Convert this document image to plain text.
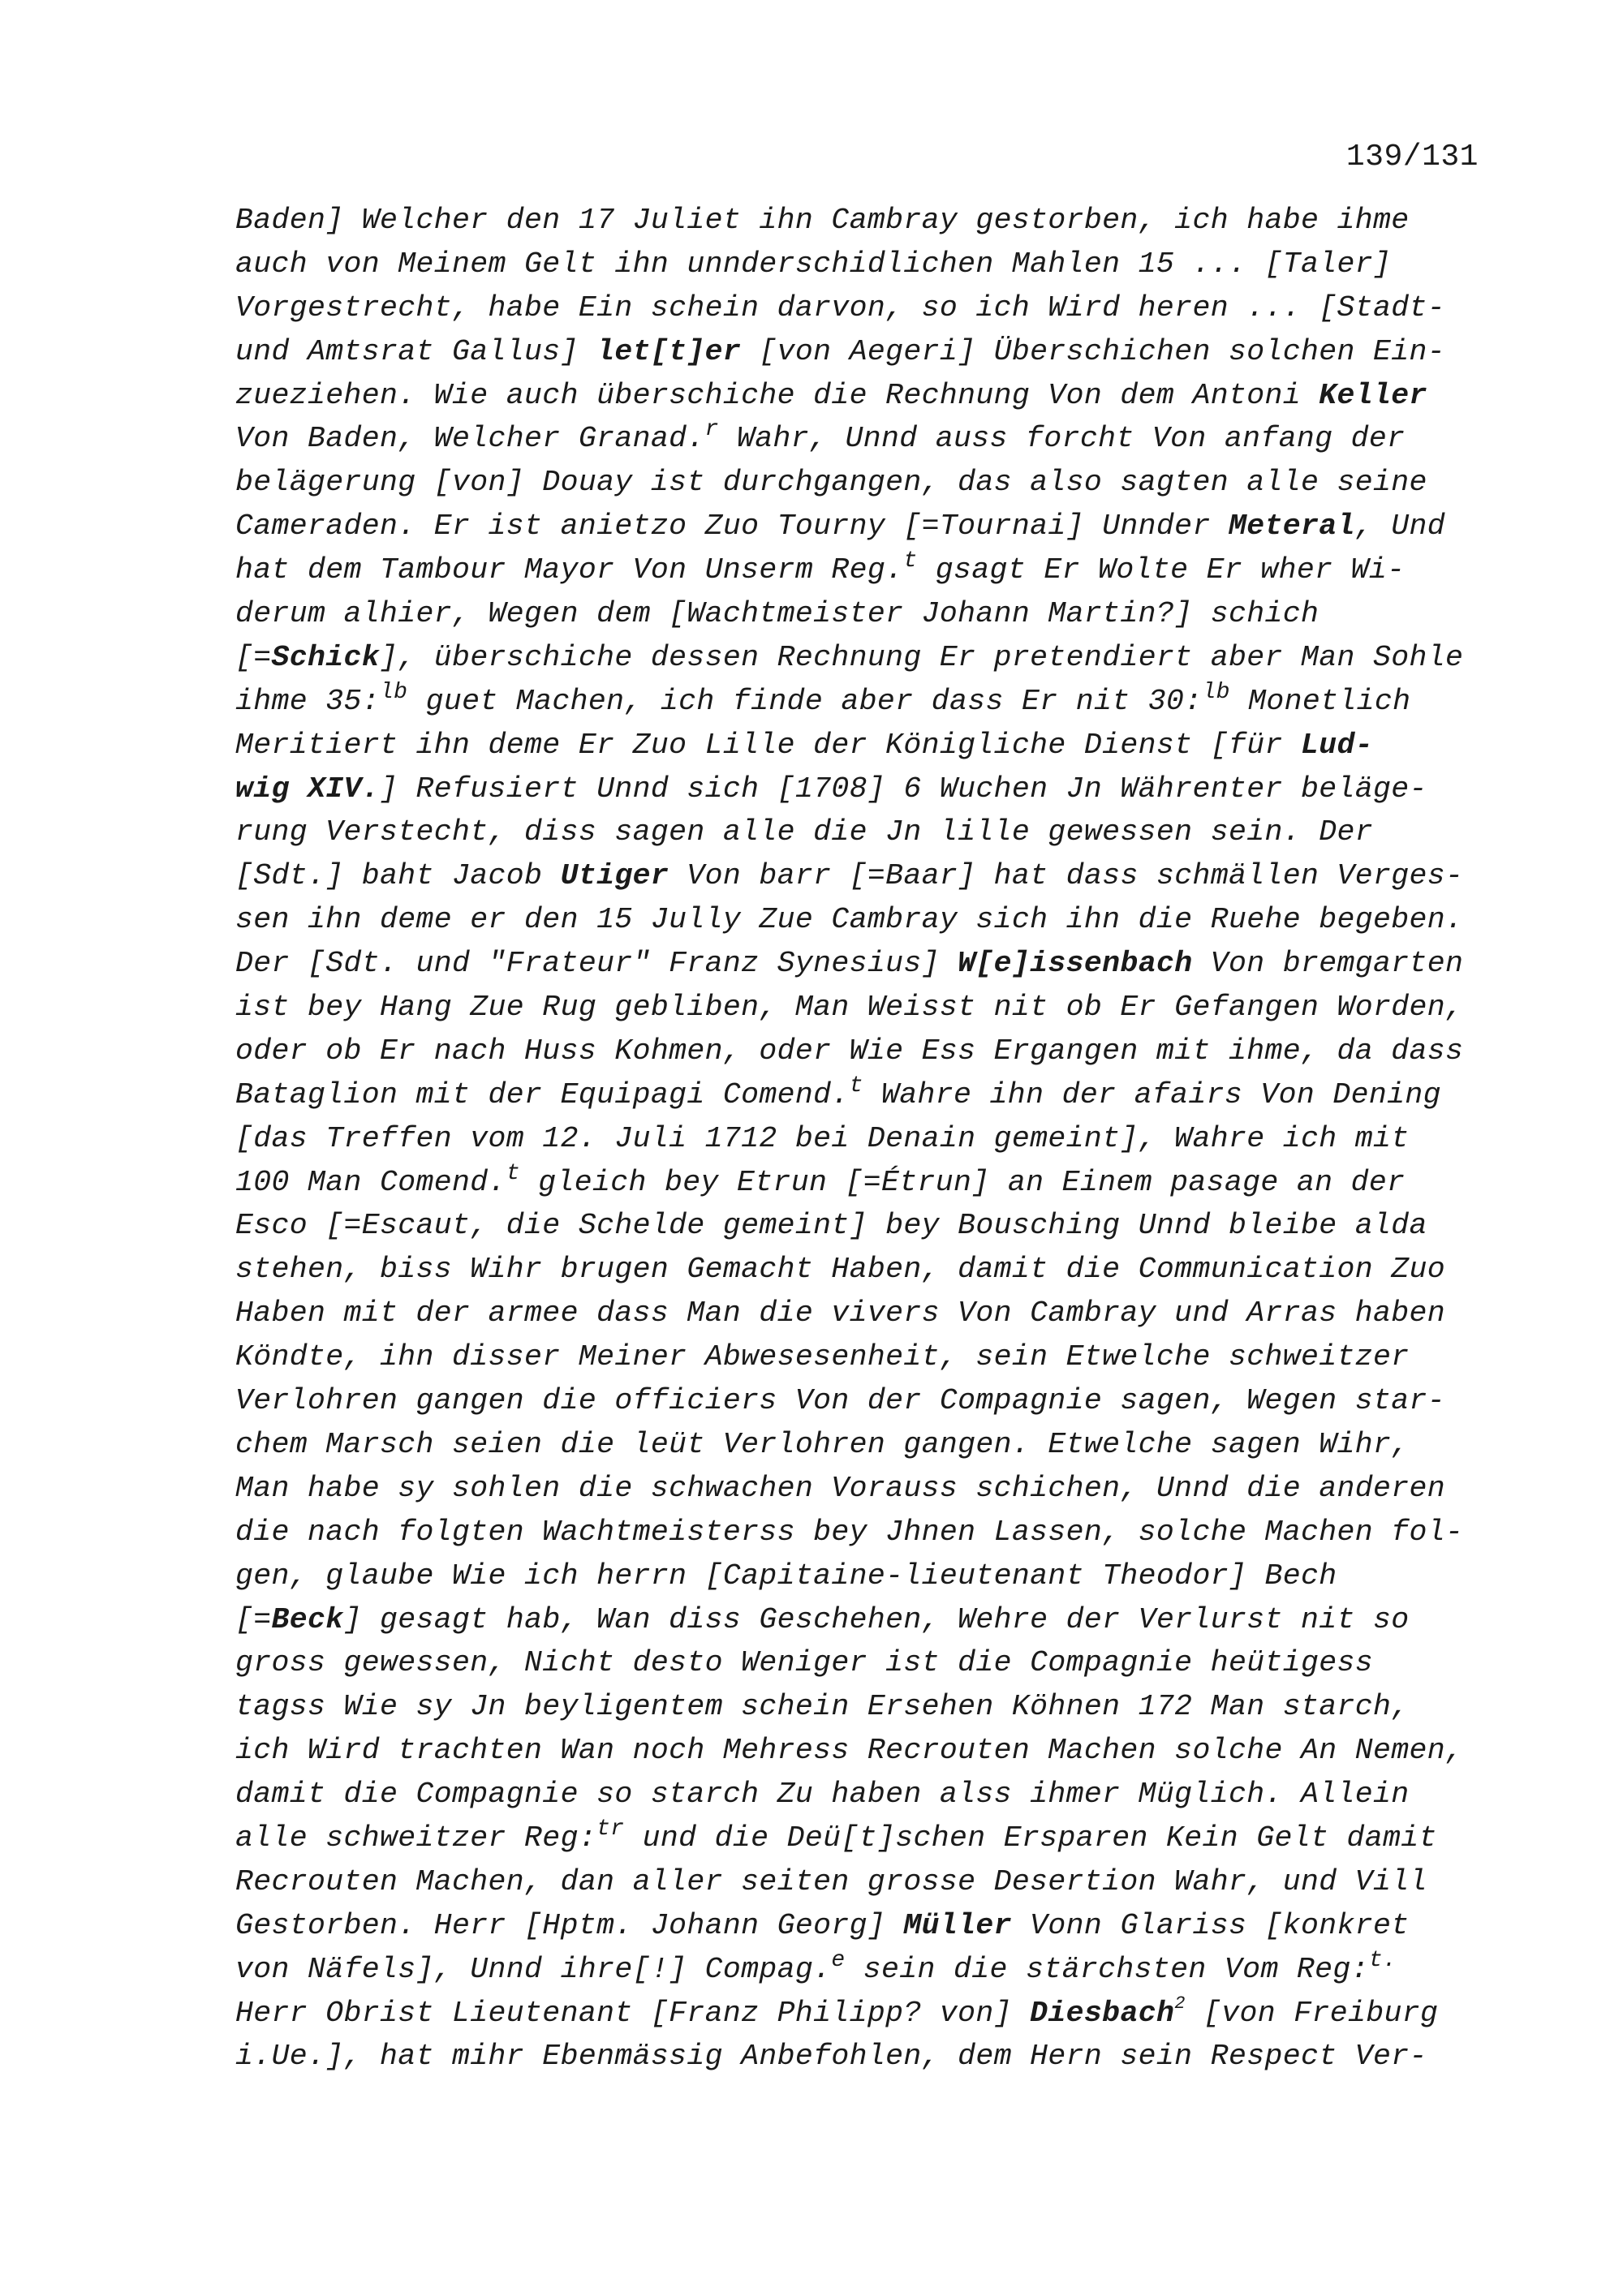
139/131
Baden] Welcher den 17 Juliet ihn Cambray gestorben, ich habe ihme
auch von Meinem Gelt ihn unnderschidlichen Mahlen 15 ... [Taler]
Vorgestrecht, habe Ein schein darvon, so ich Wird heren ... [Stadt-
und Amtsrat Gallus] let[t]er [von Aegeri] Überschichen solchen Ein-
zueziehen. Wie auch überschiche die Rechnung Von dem Antoni Keller
Von Baden, Welcher Granad.$^r$ Wahr, Unnd auss forcht Von anfang der
belägerung [von] Douay ist durchgangen, das also sagten alle seine
Cameraden. Er ist anietzo Zuo Tourny [=Tournai] Unnder Meteral, Und
hat dem Tambour Mayor Von Unserm Reg.$^t$ gsagt Er Wolte Er wher Wi-
derum alhier, Wegen dem [Wachtmeister Johann Martin?] schich
[=Schick], überschiche dessen Rechnung Er pretendiert aber Man Sohle
ihme 35:$^{lb}$ guet Machen, ich finde aber dass Er nit 30:$^{lb}$ Monetlich
Meritiert ihn deme Er Zuo Lille der Königliche Dienst [für Lud-
wig XIV.] Refusiert Unnd sich [1708] 6 Wuchen Jn Währenter beläge-
rung Verstecht, diss sagen alle die Jn lille gewessen sein. Der
[Sdt.] baht Jacob Utiger Von barr [=Baar] hat dass schmällen Verges-
sen ihn deme er den 15 Jully Zue Cambray sich ihn die Ruehe begeben.
Der [Sdt. und "Frateur" Franz Synesius] W[e]issenbach Von bremgarten
ist bey Hang Zue Rug gebliben, Man Weisst nit ob Er Gefangen Worden,
oder ob Er nach Huss Kohmen, oder Wie Ess Ergangen mit ihme, da dass
Bataglion mit der Equipagi Comend.$^t$ Wahre ihn der afairs Von Dening
[das Treffen vom 12. Juli 1712 bei Denain gemeint], Wahre ich mit
100 Man Comend.$^t$ gleich bey Etrun [=Étrun] an Einem pasage an der
Esco [=Escaut, die Schelde gemeint] bey Bousching Unnd bleibe alda
stehen, biss Wihr brugen Gemacht Haben, damit die Communication Zuo
Haben mit der armee dass Man die vivers Von Cambray und Arras haben
Köndte, ihn disser Meiner Abwesesenheit, sein Etwelche schweitzer
Verlohren gangen die officiers Von der Compagnie sagen, Wegen star-
chem Marsch seien die leüt Verlohren gangen. Etwelche sagen Wihr,
Man habe sy sohlen die schwachen Vorauss schichen, Unnd die anderen
die nach folgten Wachtmeisterss bey Jhnen Lassen, solche Machen fol-
gen, glaube Wie ich herrn [Capitaine-lieutenant Theodor] Bech
[=Beck] gesagt hab, Wan diss Geschehen, Wehre der Verlurst nit so
gross gewessen, Nicht desto Weniger ist die Compagnie heütigess
tagss Wie sy Jn beyligentem schein Ersehen Köhnen 172 Man starch,
ich Wird trachten Wan noch Mehress Recrouten Machen solche An Nemen,
damit die Compagnie so starch Zu haben alss ihmer Müglich. Allein
alle schweitzer Reg:$^{tr}$ und die Deü[t]schen Ersparen Kein Gelt damit
Recrouten Machen, dan aller seiten grosse Desertion Wahr, und Vill
Gestorben. Herr [Hptm. Johann Georg] Müller Vonn Glariss [konkret
von Näfels], Unnd ihre[!] Compag.$^e$ sein die stärchsten Vom Reg:$^{t.}$
Herr Obrist Lieutenant [Franz Philipp? von] Diesbach$^2$ [von Freiburg
i.Ue.], hat mihr Ebenmässig Anbefohlen, dem Hern sein Respect Ver-
